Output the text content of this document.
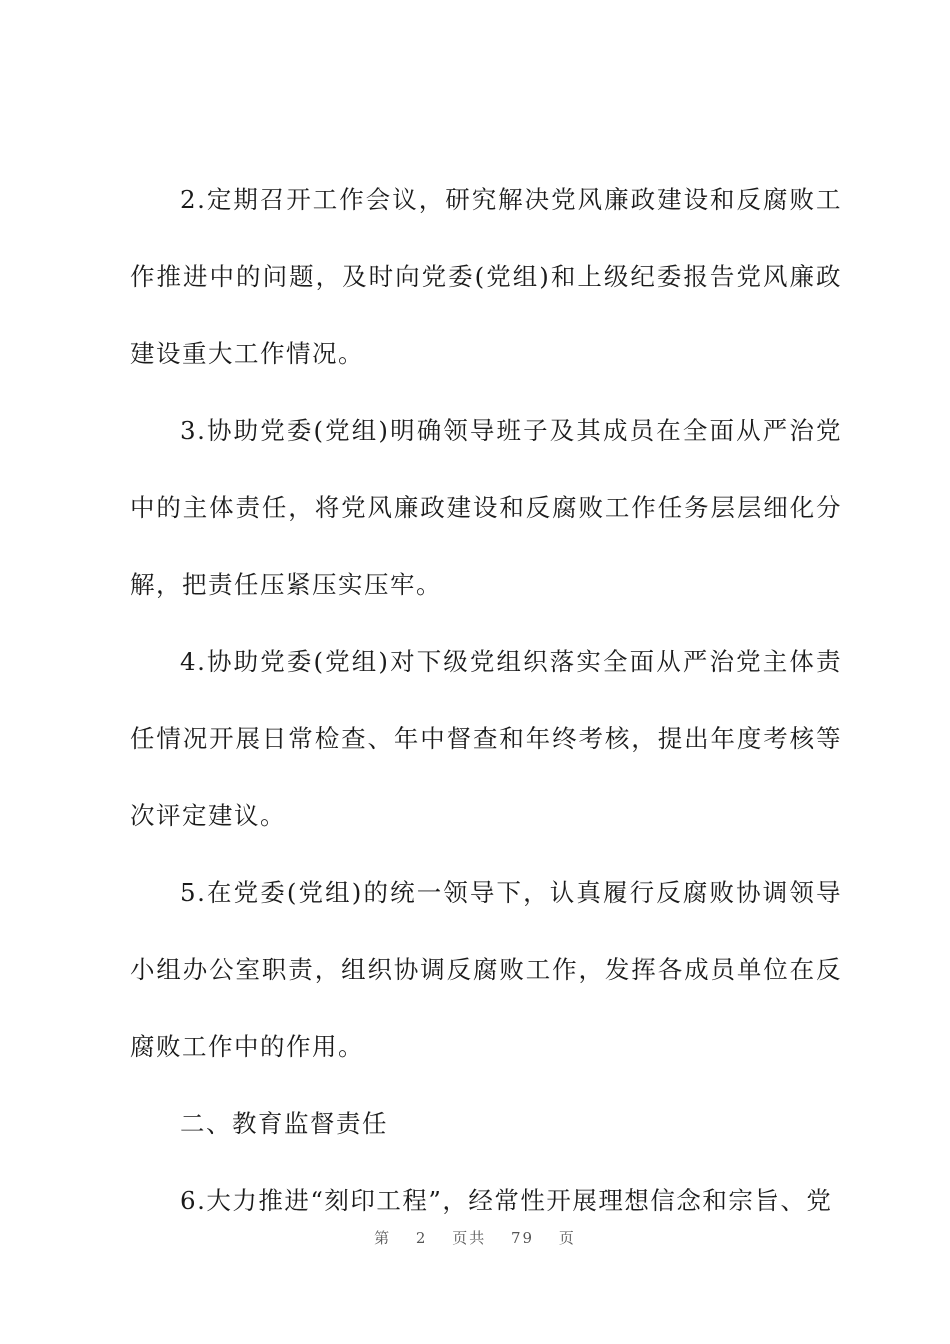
2.定期召开工作会议，研究解决党风廉政建设和反腐败工作推进中的问题，及时向党委(党组)和上级纪委报告党风廉政建设重大工作情况。

3.协助党委(党组)明确领导班子及其成员在全面从严治党中的主体责任，将党风廉政建设和反腐败工作任务层层细化分解，把责任压紧压实压牢。

4.协助党委(党组)对下级党组织落实全面从严治党主体责任情况开展日常检查、年中督查和年终考核，提出年度考核等次评定建议。

5.在党委(党组)的统一领导下，认真履行反腐败协调领导小组办公室职责，组织协调反腐败工作，发挥各成员单位在反腐败工作中的作用。

二、教育监督责任

6.大力推进“刻印工程”，经常性开展理想信念和宗旨、党

第 2 页共 79 页
